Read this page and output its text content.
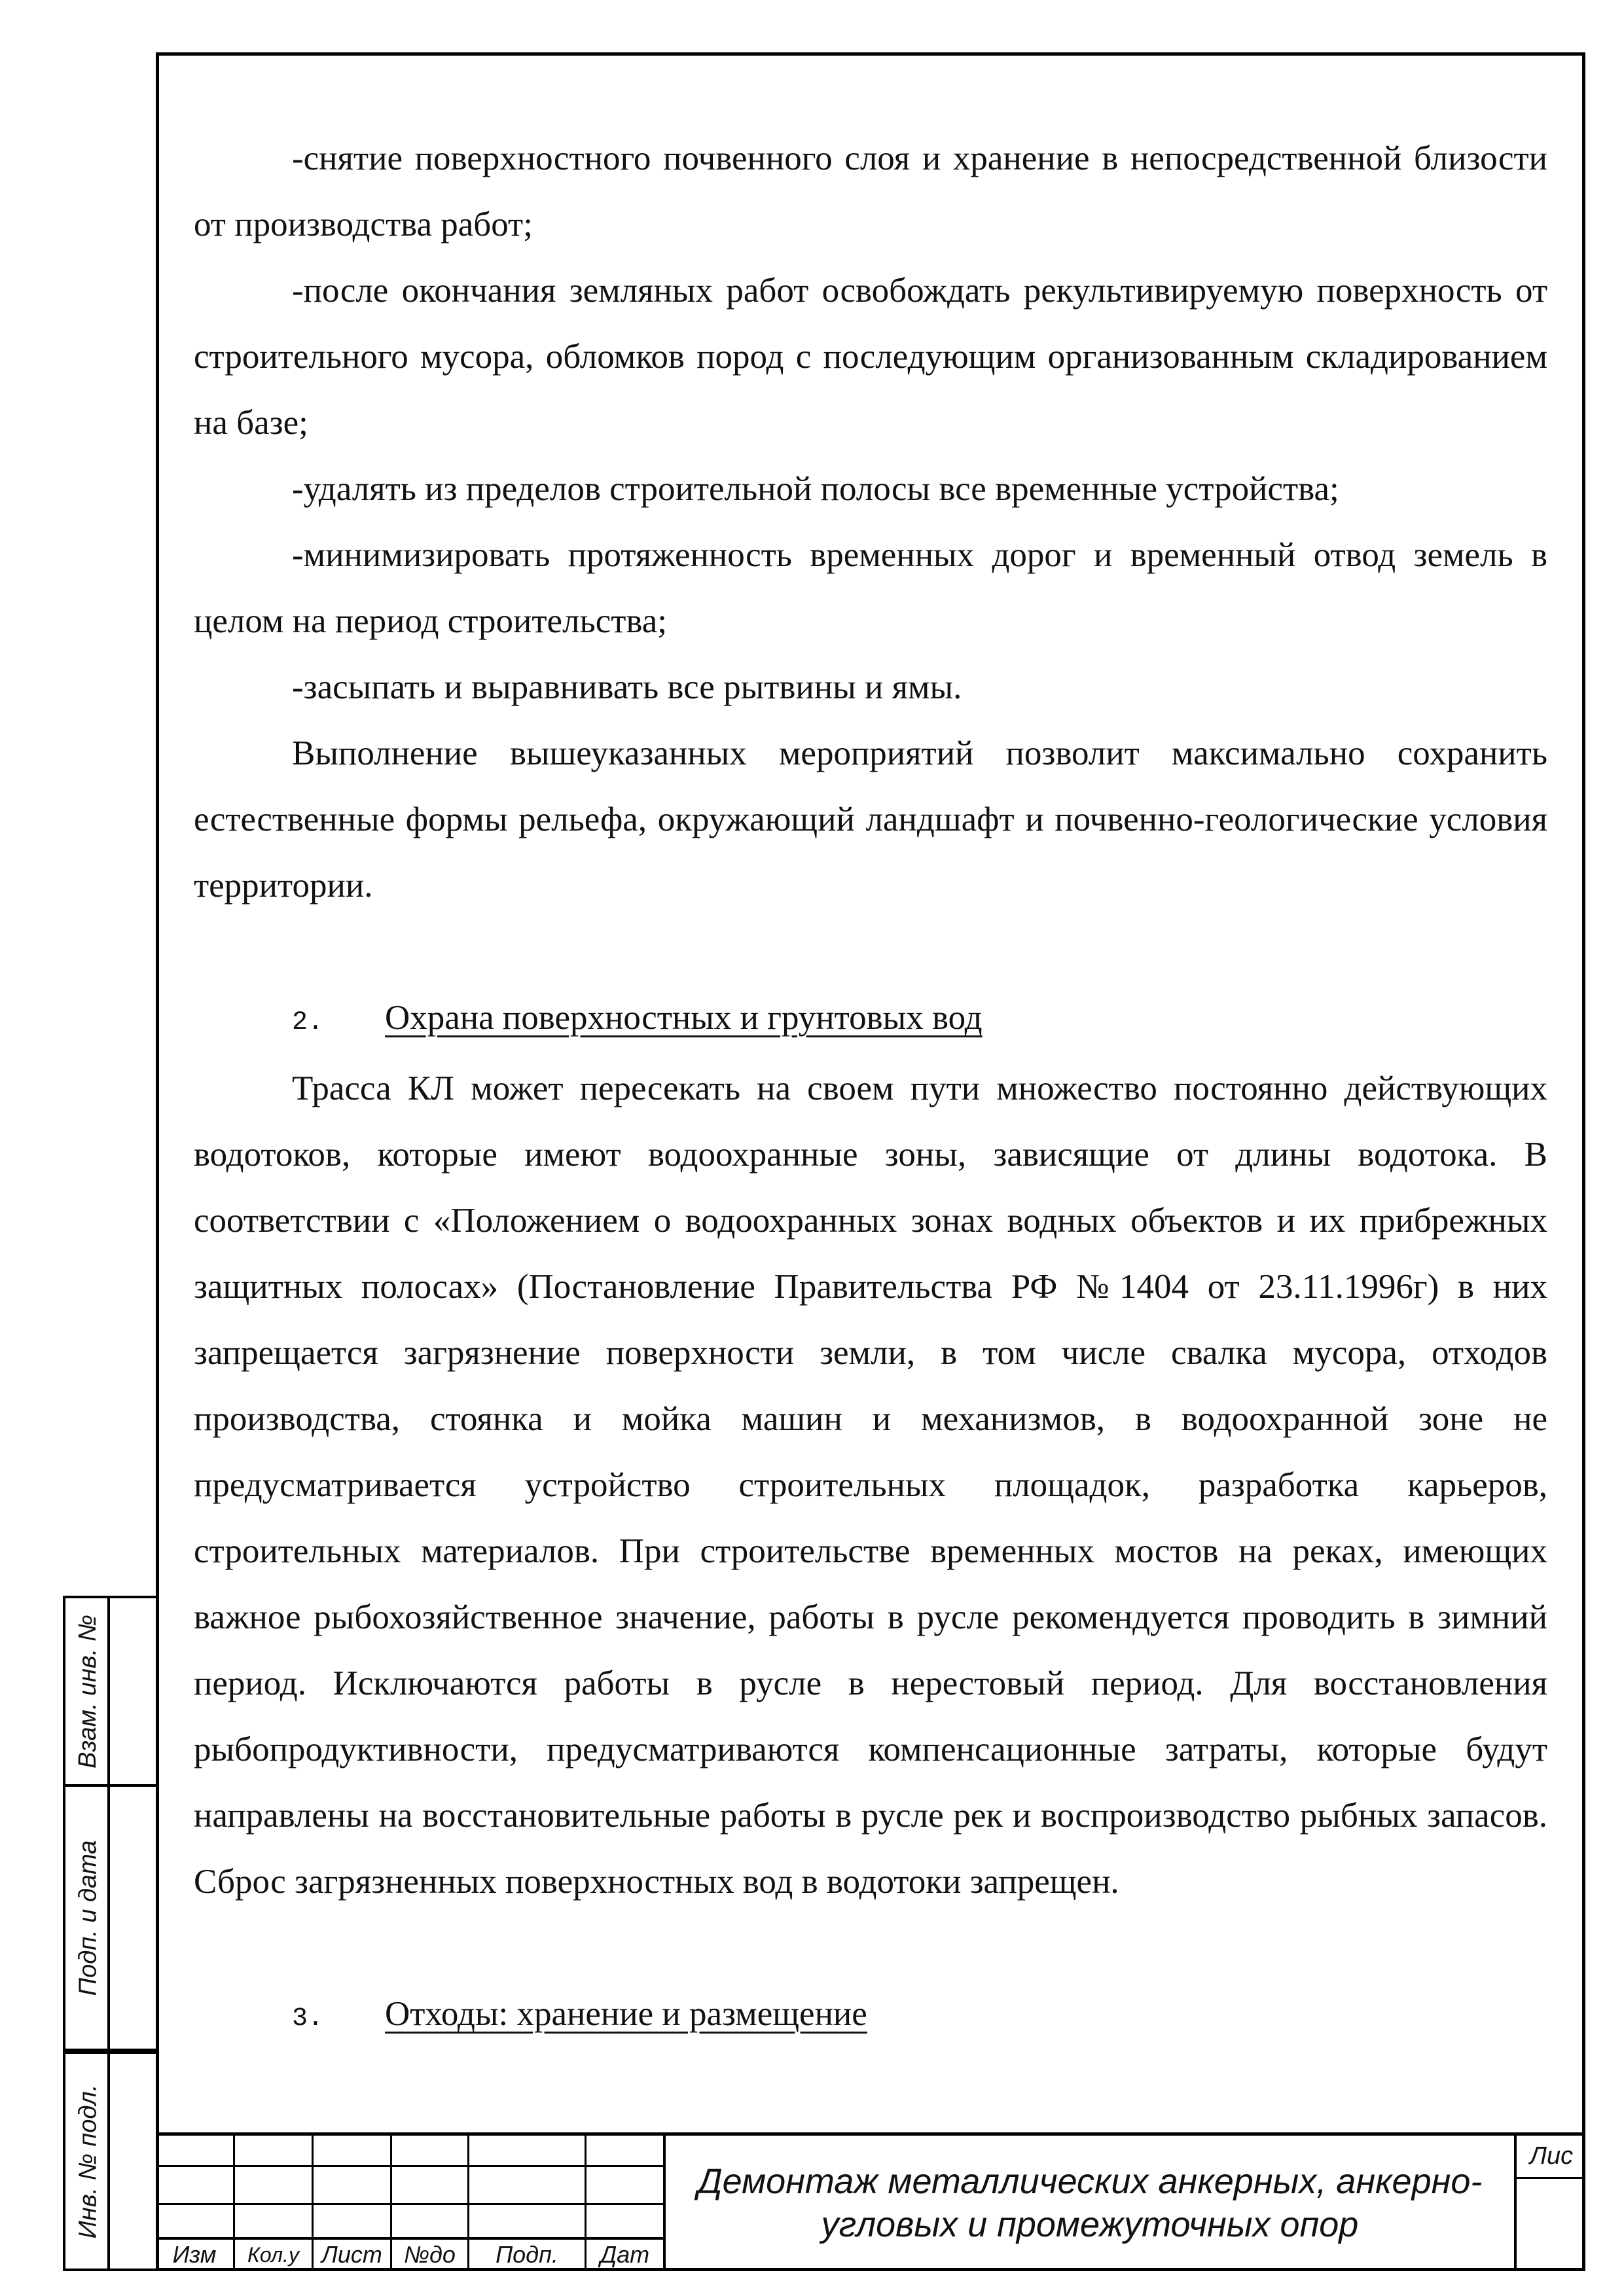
-снятие поверхностного почвенного слоя и хранение в непосредственной близости от производства работ;

-после окончания земляных работ освобождать рекультивируемую поверхность от строительного мусора, обломков пород с последующим организованным складированием на базе;

-удалять из пределов строительной полосы все временные устройства;

-минимизировать протяженность временных дорог и временный отвод земель в целом на период строительства;

-засыпать и выравнивать все рытвины и ямы.

Выполнение вышеуказанных мероприятий позволит максимально сохранить естественные формы рельефа, окружающий ландшафт и почвенно-геологические условия территории.

2. Охрана поверхностных и грунтовых вод

Трасса КЛ может пересекать на своем пути множество постоянно действующих водотоков, которые имеют водоохранные зоны, зависящие от длины водотока. В соответствии с «Положением о водоохранных зонах водных объектов и их прибрежных защитных полосах» (Постановление Правительства РФ №1404 от 23.11.1996г) в них запрещается загрязнение поверхности земли, в том числе свалка мусора, отходов производства, стоянка и мойка машин и механизмов, в водоохранной зоне не предусматривается устройство строительных площадок, разработка карьеров, строительных материалов. При строительстве временных мостов на реках, имеющих важное рыбохозяйственное значение, работы в русле рекомендуется проводить в зимний период. Исключаются работы в русле в нерестовый период. Для восстановления рыбопродуктивности, предусматриваются компенсационные затраты, которые будут направлены на восстановительные работы в русле рек и воспроизводство рыбных запасов. Сброс загрязненных поверхностных вод в водотоки запрещен.

3. Отходы: хранение и размещение

Взам. инв. №
Подп. и дата
Инв. № подл.
Изм	Кол.у Лист №до	Подп.	Дат
Демонтаж металлических анкерных, анкерно-
угловых и промежуточных опор
Лис
